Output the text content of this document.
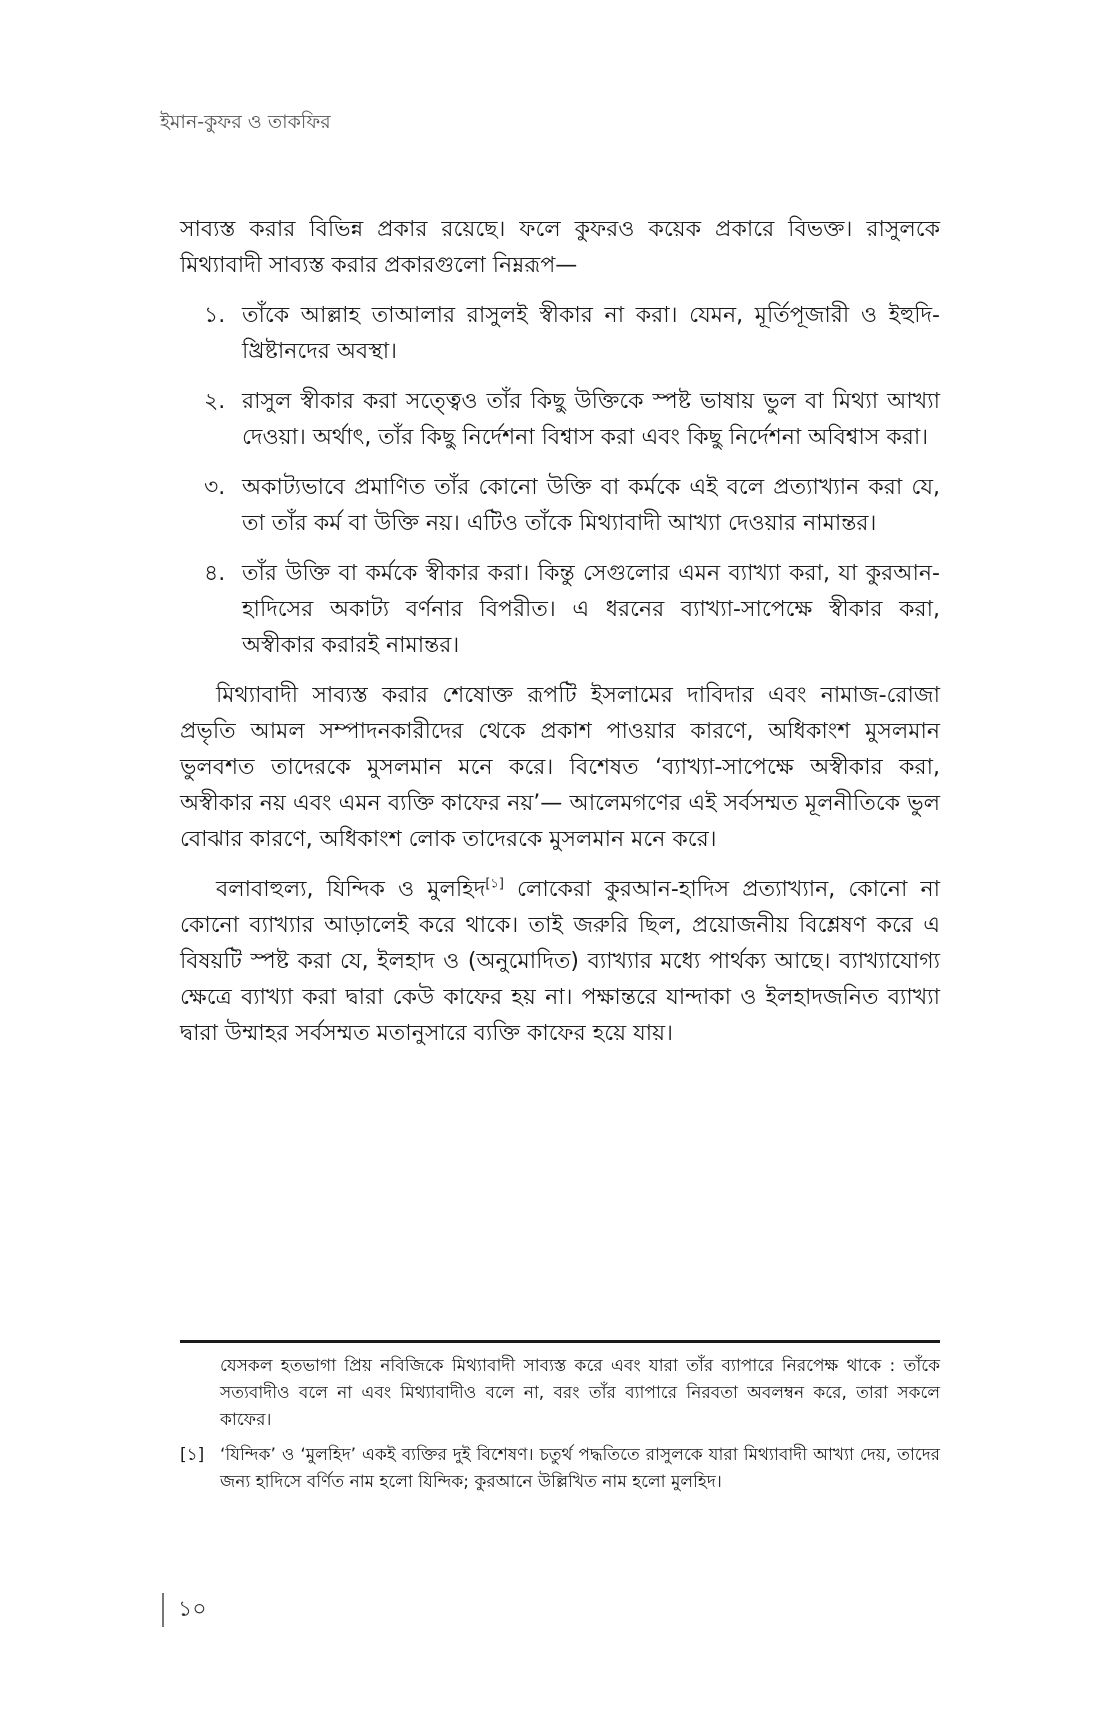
ইমান-কুফর ও তাকফির

সাব্যস্ত করার বিভিন্ন প্রকার রয়েছে। ফলে কুফরও কয়েক প্রকারে বিভক্ত। রাসুলকে মিথ্যাবাদী সাব্যস্ত করার প্রকারগুলো নিম্নরূপ—

১. তাঁকে আল্লাহ তাআলার রাসুলই স্বীকার না করা। যেমন, মূর্তিপূজারী ও ইহুদি-খ্রিষ্টানদের অবস্থা।
২. রাসুল স্বীকার করা সত্ত্বেও তাঁর কিছু উক্তিকে স্পষ্ট ভাষায় ভুল বা মিথ্যা আখ্যা দেওয়া। অর্থাৎ, তাঁর কিছু নির্দেশনা বিশ্বাস করা এবং কিছু নির্দেশনা অবিশ্বাস করা।
৩. অকাট্যভাবে প্রমাণিত তাঁর কোনো উক্তি বা কর্মকে এই বলে প্রত্যাখ্যান করা যে, তা তাঁর কর্ম বা উক্তি নয়। এটিও তাঁকে মিথ্যাবাদী আখ্যা দেওয়ার নামান্তর।
৪. তাঁর উক্তি বা কর্মকে স্বীকার করা। কিন্তু সেগুলোর এমন ব্যাখ্যা করা, যা কুরআন-হাদিসের অকাট্য বর্ণনার বিপরীত। এ ধরনের ব্যাখ্যা-সাপেক্ষে স্বীকার করা, অস্বীকার করারই নামান্তর।

মিথ্যাবাদী সাব্যস্ত করার শেষোক্ত রূপটি ইসলামের দাবিদার এবং নামাজ-রোজা প্রভৃতি আমল সম্পাদনকারীদের থেকে প্রকাশ পাওয়ার কারণে, অধিকাংশ মুসলমান ভুলবশত তাদেরকে মুসলমান মনে করে। বিশেষত ‘ব্যাখ্যা-সাপেক্ষে অস্বীকার করা, অস্বীকার নয় এবং এমন ব্যক্তি কাফের নয়’— আলেমগণের এই সর্বসম্মত মূলনীতিকে ভুল বোঝার কারণে, অধিকাংশ লোক তাদেরকে মুসলমান মনে করে।

বলাবাহুল্য, যিন্দিক ও মুলহিদ[১] লোকেরা কুরআন-হাদিস প্রত্যাখ্যান, কোনো না কোনো ব্যাখ্যার আড়ালেই করে থাকে। তাই জরুরি ছিল, প্রয়োজনীয় বিশ্লেষণ করে এ বিষয়টি স্পষ্ট করা যে, ইলহাদ ও (অনুমোদিত) ব্যাখ্যার মধ্যে পার্থক্য আছে। ব্যাখ্যাযোগ্য ক্ষেত্রে ব্যাখ্যা করা দ্বারা কেউ কাফের হয় না। পক্ষান্তরে যান্দাকা ও ইলহাদজনিত ব্যাখ্যা দ্বারা উম্মাহর সর্বসম্মত মতানুসারে ব্যক্তি কাফের হয়ে যায়।

যেসকল হতভাগা প্রিয় নবিজিকে মিথ্যাবাদী সাব্যস্ত করে এবং যারা তাঁর ব্যাপারে নিরপেক্ষ থাকে : তাঁকে সত্যবাদীও বলে না এবং মিথ্যাবাদীও বলে না, বরং তাঁর ব্যাপারে নিরবতা অবলম্বন করে, তারা সকলে কাফের।
[১] ‘যিন্দিক’ ও ‘মুলহিদ’ একই ব্যক্তির দুই বিশেষণ। চতুর্থ পদ্ধতিতে রাসুলকে যারা মিথ্যাবাদী আখ্যা দেয়, তাদের জন্য হাদিসে বর্ণিত নাম হলো যিন্দিক; কুরআনে উল্লিখিত নাম হলো মুলহিদ।
১০
